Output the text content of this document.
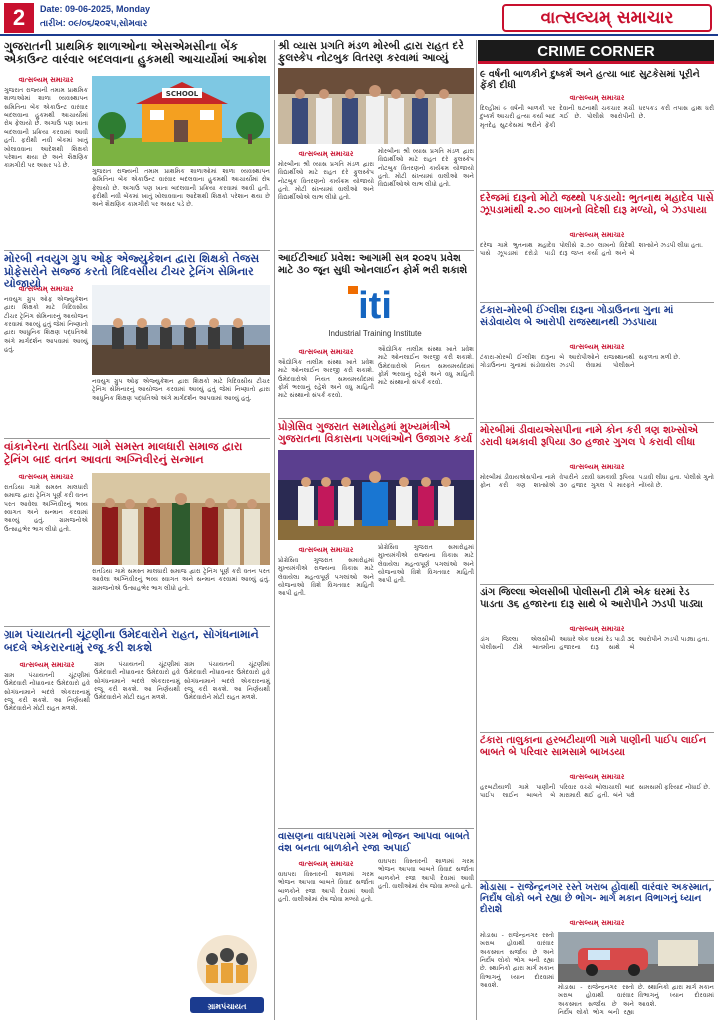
2	Date: 09-06-2025, Monday
તારીખ: ૦૯/૦૬/૨૦૨૫,સોમવાર	વાત્સલ્યમ્ સમાચાર
ગુજરાતની પ્રાથમિક શાળાઓના એસએમસીના બેંક એકાઉન્ટ વારંવાર બદલવાના હુકમથી આચાર્યોમાં આક્રોશ
વાત્સલ્યમ્ સમાચાર
ગુજરાત રાજ્યની તમામ પ્રાથમિક શાળાઓમાં શાળા વ્યવસ્થાપન સમિતિના બેંક એકાઉન્ટ વારંવાર બદલવાના હુકમથી આચાર્યોમાં રોષ ફેલાયો છે. અગાઉ પણ ખાતા બદલવાની પ્રક્રિયા કરવામાં આવી હતી. ફરીથી નવી બેંકમાં ખાતું ખોલાવવાના આદેશથી શિક્ષકો પરેશાન થયા છે અને શૈક્ષણિક કામગીરી પર અસર પડે છે.
SCHOOL
ગુજરાત રાજ્યની તમામ પ્રાથમિક શાળાઓમાં શાળા વ્યવસ્થાપન સમિતિના બેંક એકાઉન્ટ વારંવાર બદલવાના હુકમથી આચાર્યોમાં રોષ ફેલાયો છે. અગાઉ પણ ખાતા બદલવાની પ્રક્રિયા કરવામાં આવી હતી. ફરીથી નવી બેંકમાં ખાતું ખોલાવવાના આદેશથી શિક્ષકો પરેશાન થયા છે અને શૈક્ષણિક કામગીરી પર અસર પડે છે.
મોરબી નવયુગ ગ્રુપ ઓફ એજ્યુકેશન દ્વારા શિક્ષકો તેજસ પ્રોફેસરોને સજ્જ કરતો ત્રિદિવસીય ટીચર ટ્રેનિંગ સેમિનાર યોજાયો
વાત્સલ્યમ્ સમાચાર
નવયુગ ગ્રુપ ઓફ એજ્યુકેશન દ્વારા શિક્ષકો માટે ત્રિદિવસીય ટીચર ટ્રેનિંગ સેમિનારનું આયોજન કરવામાં આવ્યું હતું જેમાં નિષ્ણાતો દ્વારા આધુનિક શિક્ષણ પદ્ધતિઓ અંગે માર્ગદર્શન આપવામાં આવ્યું હતું.
નવયુગ ગ્રુપ ઓફ એજ્યુકેશન દ્વારા શિક્ષકો માટે ત્રિદિવસીય ટીચર ટ્રેનિંગ સેમિનારનું આયોજન કરવામાં આવ્યું હતું જેમાં નિષ્ણાતો દ્વારા આધુનિક શિક્ષણ પદ્ધતિઓ અંગે માર્ગદર્શન આપવામાં આવ્યું હતું.
વાંકાનેરના રાતડિયા ગામે સમસ્ત માલધારી સમાજ દ્વારા ટ્રેનિંગ બાદ વતન આવતા અગ્નિવીરનું સન્માન
વાત્સલ્યમ્ સમાચાર
રાતડિયા ગામે સમસ્ત માલધારી સમાજ દ્વારા ટ્રેનિંગ પૂર્ણ કરી વતન પરત આવેલા અગ્નિવીરનું ભવ્ય સ્વાગત અને સન્માન કરવામાં આવ્યું હતું. ગ્રામજનોએ ઉત્સાહભેર ભાગ લીધો હતો.
રાતડિયા ગામે સમસ્ત માલધારી સમાજ દ્વારા ટ્રેનિંગ પૂર્ણ કરી વતન પરત આવેલા અગ્નિવીરનું ભવ્ય સ્વાગત અને સન્માન કરવામાં આવ્યું હતું. ગ્રામજનોએ ઉત્સાહભેર ભાગ લીધો હતો.
ગ્રામ પંચાયતની ચૂંટણીના ઉમેદવારોને રાહત, સોગંધનામાને બદલે એકરારનામું રજૂ કરી શકશે
વાત્સલ્યમ્ સમાચાર
ગ્રામ પંચાયતની ચૂંટણીમાં ઉમેદવારી નોંધાવનાર ઉમેદવારો હવે સોગંધનામાને બદલે એકરારનામું રજૂ કરી શકશે. આ નિર્ણયથી ઉમેદવારોને મોટી રાહત મળશે.
ગ્રામ પંચાયતની ચૂંટણીમાં ઉમેદવારી નોંધાવનાર ઉમેદવારો હવે સોગંધનામાને બદલે એકરારનામું રજૂ કરી શકશે. આ નિર્ણયથી ઉમેદવારોને મોટી રાહત મળશે.
ગ્રામ પંચાયતની ચૂંટણીમાં ઉમેદવારી નોંધાવનાર ઉમેદવારો હવે સોગંધનામાને બદલે એકરારનામું રજૂ કરી શકશે. આ નિર્ણયથી ઉમેદવારોને મોટી રાહત મળશે.
ગ્રામપંચાયત
શ્રી વ્યાસ પ્રગતિ મંડળ મોરબી દ્વારા રાહત દરે ફુલસ્કેપ નોટબુક વિતરણ કરવામાં આવ્યું
વાત્સલ્યમ્ સમાચાર
મોરબીના શ્રી વ્યાસ પ્રગતિ મંડળ દ્વારા વિદ્યાર્થીઓ માટે રાહત દરે ફુલસ્કેપ નોટબુક વિતરણનો કાર્યક્રમ યોજાયો હતો. મોટી સંખ્યામાં વાલીઓ અને વિદ્યાર્થીઓએ લાભ લીધો હતો.
મોરબીના શ્રી વ્યાસ પ્રગતિ મંડળ દ્વારા વિદ્યાર્થીઓ માટે રાહત દરે ફુલસ્કેપ નોટબુક વિતરણનો કાર્યક્રમ યોજાયો હતો. મોટી સંખ્યામાં વાલીઓ અને વિદ્યાર્થીઓએ લાભ લીધો હતો.
આઈટીઆઈ પ્રવેશ: આગામી સત્ર ૨૦૨૫ પ્રવેશ માટે ૩૦ જૂન સુધી ઓનલાઈન ફોર્મ ભરી શકાશે
iti
Industrial Training Institute
વાત્સલ્યમ્ સમાચાર
ઔદ્યોગિક તાલીમ સંસ્થા ખાતે પ્રવેશ માટે ઓનલાઈન અરજી કરી શકાશે. ઉમેદવારોએ નિયત સમયમર્યાદામાં ફોર્મ ભરવાનું રહેશે અને વધુ માહિતી માટે સંસ્થાનો સંપર્ક કરવો.
ઔદ્યોગિક તાલીમ સંસ્થા ખાતે પ્રવેશ માટે ઓનલાઈન અરજી કરી શકાશે. ઉમેદવારોએ નિયત સમયમર્યાદામાં ફોર્મ ભરવાનું રહેશે અને વધુ માહિતી માટે સંસ્થાનો સંપર્ક કરવો.
પ્રોગ્રેસિવ ગુજરાત સમારોહમાં મુખ્યમંત્રીએ ગુજરાતના વિકાસના પગલાંઓને ઉજાગર કર્યા
વાત્સલ્યમ્ સમાચાર
પ્રોગ્રેસિવ ગુજરાત સમારોહમાં મુખ્યમંત્રીએ રાજ્યના વિકાસ માટે લેવાયેલા મહત્વપૂર્ણ પગલાંઓ અને યોજનાઓ વિશે વિગતવાર માહિતી આપી હતી.
પ્રોગ્રેસિવ ગુજરાત સમારોહમાં મુખ્યમંત્રીએ રાજ્યના વિકાસ માટે લેવાયેલા મહત્વપૂર્ણ પગલાંઓ અને યોજનાઓ વિશે વિગતવાર માહિતી આપી હતી.
વાસણના વાઘપરામાં ગરમ ભોજન આપવા બાબતે વંશ બનતા બાળકોને રજા અપાઈ
વાત્સલ્યમ્ સમાચાર
વાઘપરા વિસ્તારની શાળામાં ગરમ ભોજન આપવા બાબતે વિવાદ સર્જાતા બાળકોને રજા આપી દેવામાં આવી હતી. વાલીઓમાં રોષ જોવા મળ્યો હતો.
વાઘપરા વિસ્તારની શાળામાં ગરમ ભોજન આપવા બાબતે વિવાદ સર્જાતા બાળકોને રજા આપી દેવામાં આવી હતી. વાલીઓમાં રોષ જોવા મળ્યો હતો.
CRIME CORNER
૯ વર્ષની બાળકીને દુષ્કર્મ અને હત્યા બાદ સુટકેસમાં પૂરીને ફેંકી દીધી
વાત્સલ્યમ્ સમાચાર
દિલ્હીમાં ૯ વર્ષની બાળકી પર દુષ્કર્મ આચરી હત્યા કર્યા બાદ મૃતદેહ સુટકેસમાં ભરીને ફેંકી દેવાની ઘટનાથી ચકચાર મચી ગઈ છે. પોલીસે આરોપીની ધરપકડ કરી તપાસ હાથ ધરી છે.
દરેજમાં દારૂનો મોટો જથ્થો પકડાયો: ભુતનાથ મહાદેવ પાસે ઝૂપડામાંથી ૨.૭૦ લાખનો વિદેશી દારૂ મળ્યો, બે ઝડપાયા
વાત્સલ્યમ્ સમાચાર
દરેજ ગામે ભુતનાથ મહાદેવ પાસે ઝૂપડામાં દરોડો પાડી પોલીસે ૨.૭૦ લાખનો વિદેશી દારૂ જપ્ત કર્યો હતો અને બે શખ્સોને ઝડપી લીધા હતા.
ટંકારા-મોરબી ઈંગ્લીશ દારૂના ગોડાઉનના ગુના માં સંડોવાયેલ બે આરોપી રાજસ્થાનથી ઝડપાયા
વાત્સલ્યમ્ સમાચાર
ટંકારા-મોરબી ઈંગ્લીશ દારૂના ગોડાઉનના ગુનામાં સંડોવાયેલ બે આરોપીઓને રાજસ્થાનથી ઝડપી લેવામાં પોલીસને સફળતા મળી છે.
મોરબીમાં ડીવાયએસપીના નામે કોન કરી ત્રણ શખ્સોએ ડરાવી ધમકાવી રૂપિયા ૩૦ હજાર ગુગલ પે કરાવી લીધા
વાત્સલ્યમ્ સમાચાર
મોરબીમાં ડીવાયએસપીના નામે ફોન કરી ત્રણ શખ્સોએ વેપારીને ડરાવી ધમકાવી રૂપિયા ૩૦ હજાર ગુગલ પે મારફતે પડાવી લીધા હતા. પોલીસે ગુનો નોંધ્યો છે.
ડાંગ જિલ્લા એલસીબી પોલીસની ટીમે એક ઘરમાં રેડ પાડતા ૩૬ હજારના દારૂ સાથે બે આરોપીને ઝડપી પાડ્યા
વાત્સલ્યમ્ સમાચાર
ડાંગ જિલ્લા એલસીબી પોલીસની ટીમે બાતમીના આધારે એક ઘરમાં રેડ પાડી ૩૬ હજારના દારૂ સાથે બે આરોપીને ઝડપી પાડ્યા હતા.
ટંકારા તાલુકાના હરબટીયાળી ગામે પાણીની પાઈપ લાઈન બાબતે બે પરિવાર સામસામે બાખડયા
વાત્સલ્યમ્ સમાચાર
હરબટીયાળી ગામે પાણીની પાઈપ લાઈન બાબતે બે પરિવાર વચ્ચે બોલાચાલી બાદ મારામારી થઈ હતી. બંને પક્ષે સામસામી ફરિયાદ નોંધાઈ છે.
મોડાસા - રાજેન્દ્રનગર રસ્તે ખરાબ હોવાથી વારંવાર અકસ્માત, નિર્દોષ લોકો બને રહ્યા છે ભોગ- માર્ગ મકાન વિભાગનું ધ્યાન દોરાશે
વાત્સલ્યમ્ સમાચાર
મોડાસા - રાજેન્દ્રનગર રસ્તો ખરાબ હોવાથી વારંવાર અકસ્માત સર્જાય છે અને નિર્દોષ લોકો ભોગ બની રહ્યા છે. સ્થાનિકો દ્વારા માર્ગ મકાન વિભાગનું ધ્યાન દોરવામાં આવશે.	મોડાસા - રાજેન્દ્રનગર રસ્તો ખરાબ હોવાથી વારંવાર અકસ્માત સર્જાય છે અને નિર્દોષ લોકો ભોગ બની રહ્યા છે. સ્થાનિકો દ્વારા માર્ગ મકાન વિભાગનું ધ્યાન દોરવામાં આવશે.
